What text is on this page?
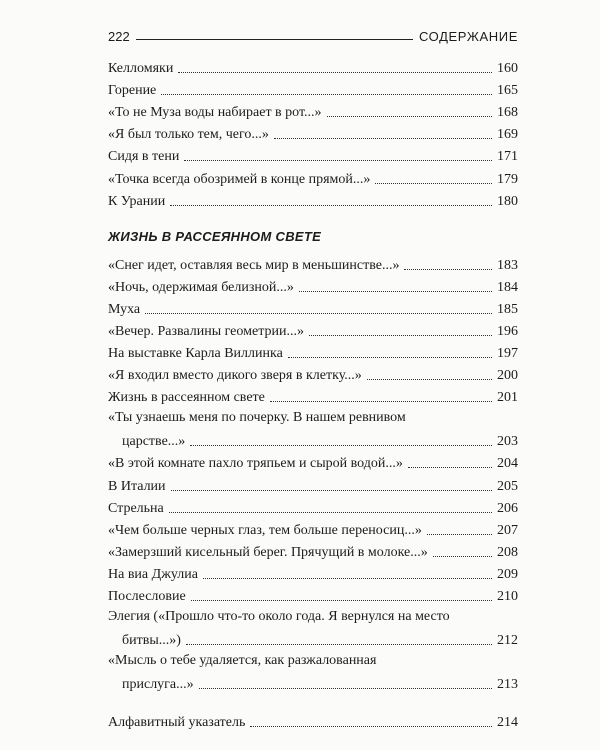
222	СОДЕРЖАНИЕ
Келломяки	160
Горение	165
«То не Муза воды набирает в рот...»	168
«Я был только тем, чего...»	169
Сидя в тени	171
«Точка всегда обозримей в конце прямой...»	179
К Урании	180
ЖИЗНЬ В РАССЕЯННОМ СВЕТЕ
«Снег идет, оставляя весь мир в меньшинстве...»	183
«Ночь, одержимая белизной...»	184
Муха	185
«Вечер. Развалины геометрии...»	196
На выставке Карла Виллинка	197
«Я входил вместо дикого зверя в клетку...»	200
Жизнь в рассеянном свете	201
«Ты узнаешь меня по почерку. В нашем ревнивом
царстве...»	203
«В этой комнате пахло тряпьем и сырой водой...»	204
В Италии	205
Стрельна	206
«Чем больше черных глаз, тем больше переносиц...»	207
«Замерзший кисельный берег. Прячущий в молоке...»	208
На виа Джулиа	209
Послесловие	210
Элегия («Прошло что-то около года. Я вернулся на место
битвы...»)	212
«Мысль о тебе удаляется, как разжалованная
прислуга...»	213
Алфавитный указатель	214
